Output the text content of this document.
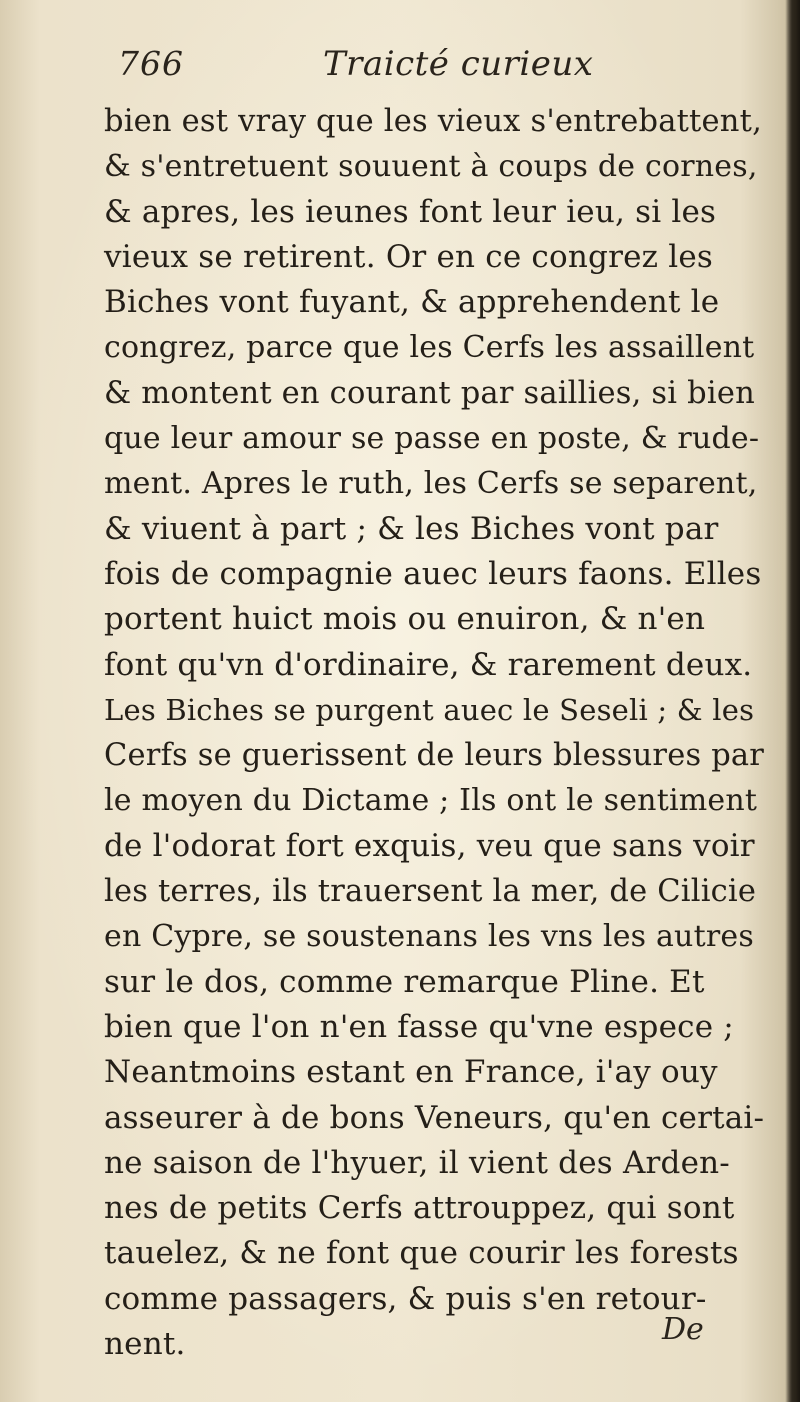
766	Traicté curieux
bien est vray que les vieux s'entrebattent,
& s'entretuent souuent à coups de cornes,
& apres, les ieunes font leur ieu, si les
vieux se retirent. Or en ce congrez les
Biches vont fuyant, & apprehendent le
congrez, parce que les Cerfs les assaillent
& montent en courant par saillies, si bien
que leur amour se passe en poste, & rude-
ment. Apres le ruth, les Cerfs se separent,
& viuent à part ; & les Biches vont par
fois de compagnie auec leurs faons. Elles
portent huict mois ou enuiron, & n'en
font qu'vn d'ordinaire, & rarement deux.
Les Biches se purgent auec le Seseli ; & les
Cerfs se guerissent de leurs blessures par
le moyen du Dictame ; Ils ont le sentiment
de l'odorat fort exquis, veu que sans voir
les terres, ils trauersent la mer, de Cilicie
en Cypre, se soustenans les vns les autres
sur le dos, comme remarque Pline. Et
bien que l'on n'en fasse qu'vne espece ;
Neantmoins estant en France, i'ay ouy
asseurer à de bons Veneurs, qu'en certai-
ne saison de l'hyuer, il vient des Arden-
nes de petits Cerfs attrouppez, qui sont
tauelez, & ne font que courir les forests
comme passagers, & puis s'en retour-
nent.	De
